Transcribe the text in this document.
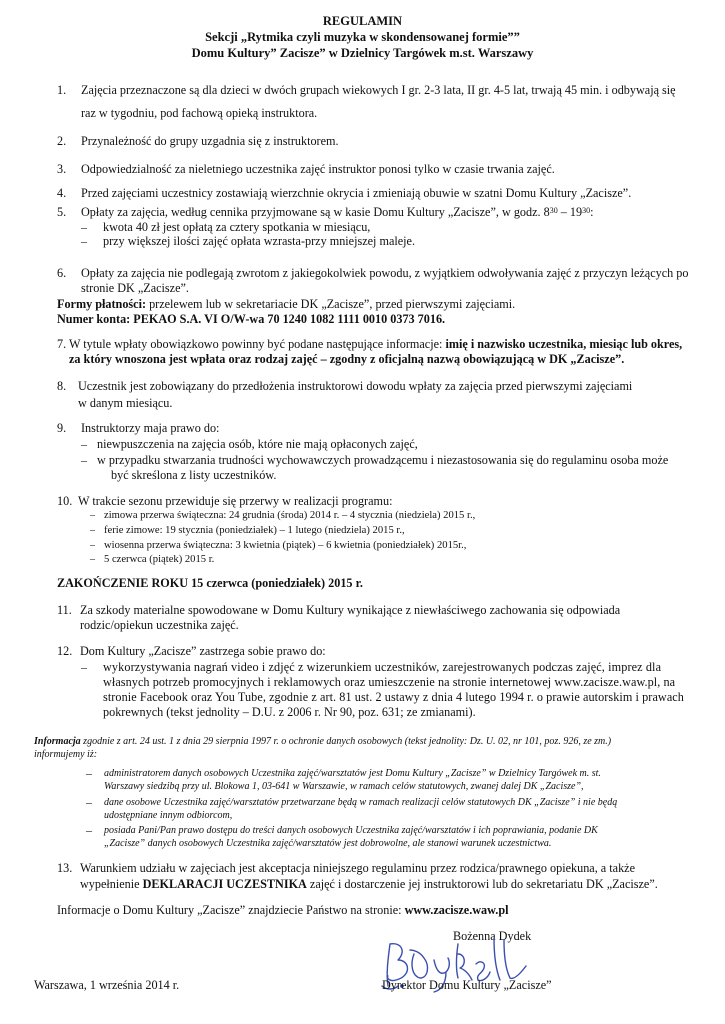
REGULAMIN
Sekcji „Rytmika czyli muzyka w skondensowanej formie””
Domu Kultury” Zacisze” w Dzielnicy Targówek m.st. Warszawy
1. Zajęcia przeznaczone są dla dzieci w dwóch grupach wiekowych I gr. 2-3 lata, II gr. 4-5 lat, trwają 45 min. i odbywają się
raz w tygodniu, pod fachową opieką instruktora.
2. Przynależność do grupy uzgadnia się z instruktorem.
3. Odpowiedzialność za nieletniego uczestnika zajęć instruktor ponosi tylko w czasie trwania zajęć.
4. Przed zajęciami uczestnicy zostawiają wierzchnie okrycia i zmieniają obuwie w szatni Domu Kultury „Zacisze”.
5. Opłaty za zajęcia, według cennika przyjmowane są w kasie Domu Kultury „Zacisze”, w godz. $8^{30} - 19^{30}$:
– kwota 40 zł jest opłatą za cztery spotkania w miesiącu,
– przy większej ilości zajęć opłata wzrasta-przy mniejszej maleje.
6. Opłaty za zajęcia nie podlegają zwrotom z jakiegokolwiek powodu, z wyjątkiem odwoływania zajęć z przyczyn leżących po
stronie DK „Zacisze”.
Formy płatności: przelewem lub w sekretariacie DK „Zacisze”, przed pierwszymi zajęciami.
Numer konta: PEKAO S.A. VI O/W-wa 70 1240 1082 1111 0010 0373 7016.
7. W tytule wpłaty obowiązkowo powinny być podane następujące informacje: imię i nazwisko uczestnika, miesiąc lub okres,
za który wnoszona jest wpłata oraz rodzaj zajęć – zgodny z oficjalną nazwą obowiązującą w DK „Zacisze”.
8. Uczestnik jest zobowiązany do przedłożenia instruktorowi dowodu wpłaty za zajęcia przed pierwszymi zajęciami
w danym miesiącu.
9. Instruktorzy maja prawo do:
– niewpuszczenia na zajęcia osób, które nie mają opłaconych zajęć,
– w przypadku stwarzania trudności wychowawczych prowadzącemu i niezastosowania się do regulaminu osoba może
być skreślona z listy uczestników.
10. W trakcie sezonu przewiduje się przerwy w realizacji programu:
– zimowa przerwa świąteczna: 24 grudnia (środa) 2014 r. – 4 stycznia (niedziela) 2015 r.,
– ferie zimowe: 19 stycznia (poniedziałek) – 1 lutego (niedziela) 2015 r.,
– wiosenna przerwa świąteczna: 3 kwietnia (piątek) – 6 kwietnia (poniedziałek) 2015r.,
– 5 czerwca (piątek) 2015 r.
ZAKOŃCZENIE ROKU 15 czerwca (poniedziałek) 2015 r.
11. Za szkody materialne spowodowane w Domu Kultury wynikające z niewłaściwego zachowania się odpowiada
rodzic/opiekun uczestnika zajęć.
12. Dom Kultury „Zacisze” zastrzega sobie prawo do:
– wykorzystywania nagrań video i zdjęć z wizerunkiem uczestników, zarejestrowanych podczas zajęć, imprez dla
własnych potrzeb promocyjnych i reklamowych oraz umieszczenie na stronie internetowej www.zacisze.waw.pl, na
stronie Facebook oraz You Tube, zgodnie z art. 81 ust. 2 ustawy z dnia 4 lutego 1994 r. o prawie autorskim i prawach
pokrewnych (tekst jednolity – D.U. z 2006 r. Nr 90, poz. 631; ze zmianami).
Informacja zgodnie z art. 24 ust. 1 z dnia 29 sierpnia 1997 r. o ochronie danych osobowych (tekst jednolity: Dz. U. 02, nr 101, poz. 926, ze zm.)
informujemy iż:
– administratorem danych osobowych Uczestnika zajęć/warsztatów jest Domu Kultury „Zacisze” w Dzielnicy Targówek m. st.
Warszawy siedzibą przy ul. Blokowa 1, 03-641 w Warszawie, w ramach celów statutowych, zwanej dalej DK „Zacisze”,
– dane osobowe Uczestnika zajęć/warsztatów przetwarzane będą w ramach realizacji celów statutowych DK „Zacisze” i nie będą
udostępniane innym odbiorcom,
– posiada Pani/Pan prawo dostępu do treści danych osobowych Uczestnika zajęć/warsztatów i ich poprawiania, podanie DK
„Zacisze” danych osobowych Uczestnika zajęć/warsztatów jest dobrowolne, ale stanowi warunek uczestnictwa.
13. Warunkiem udziału w zajęciach jest akceptacja niniejszego regulaminu przez rodzica/prawnego opiekuna, a także
wypełnienie DEKLARACJI UCZESTNIKA zajęć i dostarczenie jej instruktorowi lub do sekretariatu DK „Zacisze”.
Informacje o Domu Kultury „Zacisze” znajdziecie Państwo na stronie: www.zacisze.waw.pl
Bożenna Dydek
Warszawa, 1 września 2014 r.	Dyrektor Domu Kultury „Zacisze”
